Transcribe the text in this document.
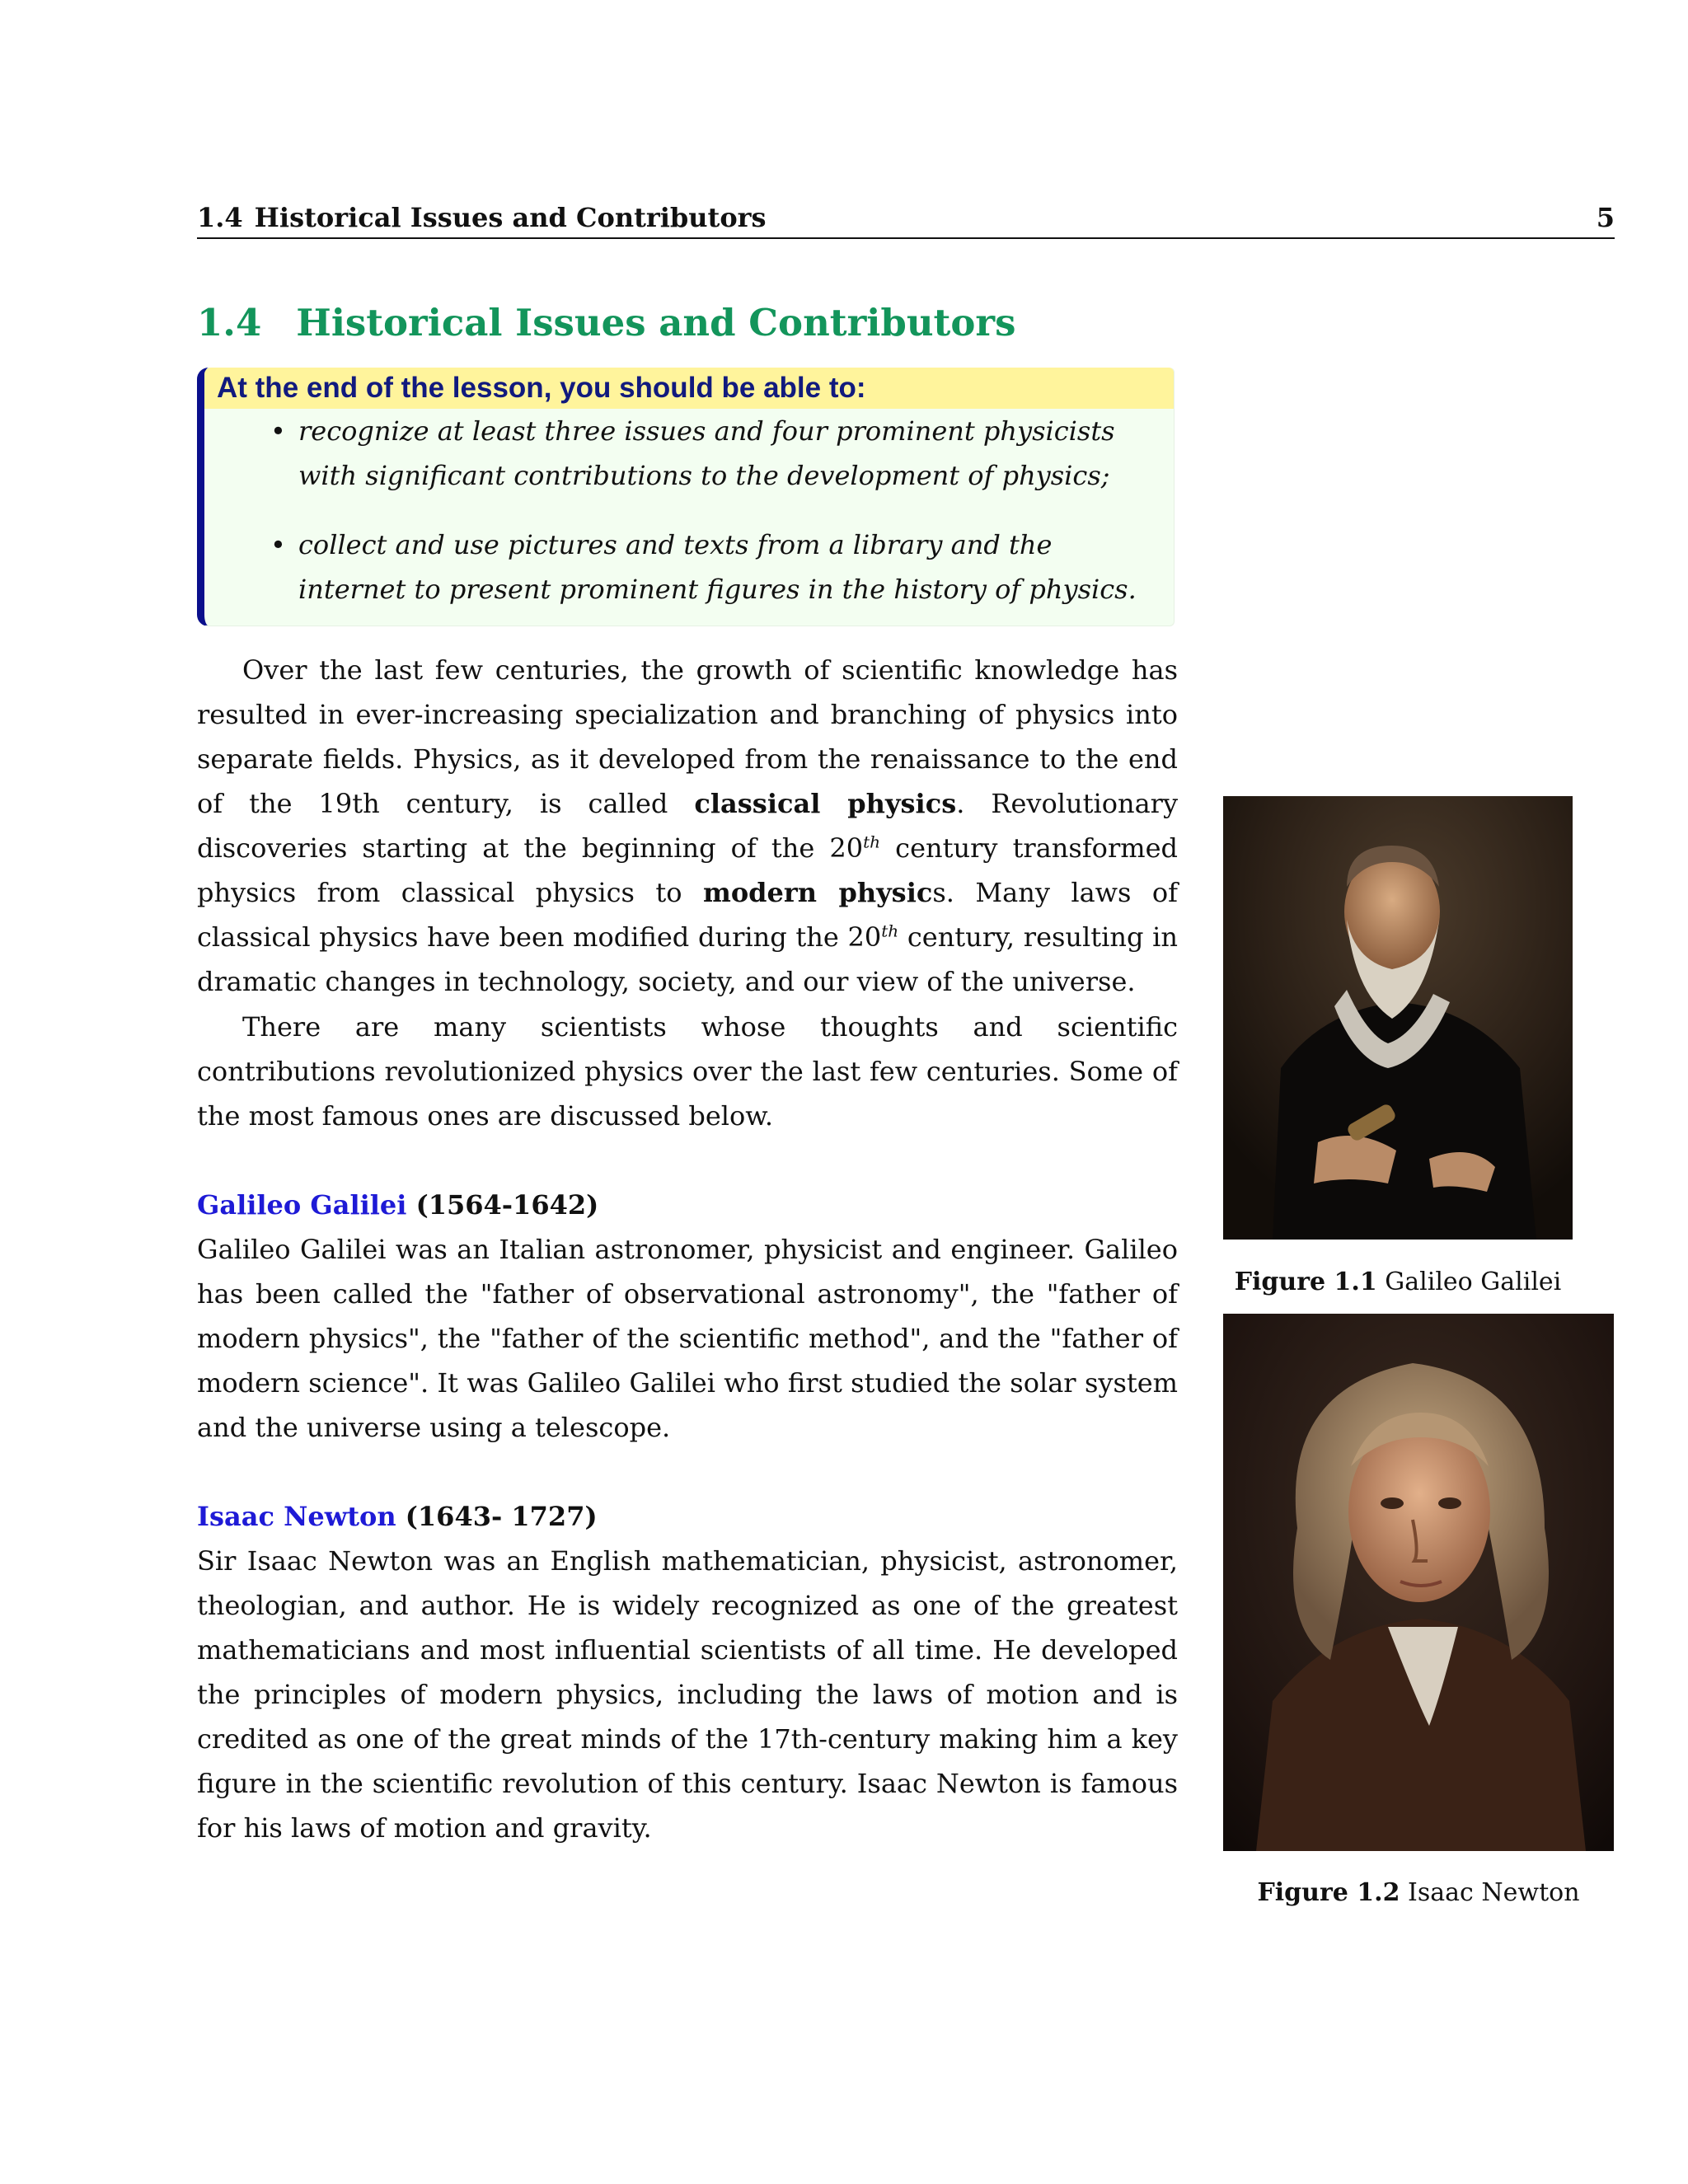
1.4 Historical Issues and Contributors	5
1.4 Historical Issues and Contributors
At the end of the lesson, you should be able to:
• recognize at least three issues and four prominent physicists with significant contributions to the development of physics;
• collect and use pictures and texts from a library and the internet to present prominent figures in the history of physics.

Over the last few centuries, the growth of scientific knowledge has resulted in ever-increasing specialization and branching of physics into separate fields. Physics, as it developed from the renaissance to the end of the 19th century, is called classical physics. Revolutionary discoveries starting at the beginning of the 20th century transformed physics from classical physics to modern physics. Many laws of classical physics have been modified during the 20th century, resulting in dramatic changes in technology, society, and our view of the universe.

There are many scientists whose thoughts and scientific contributions revolutionized physics over the last few centuries. Some of the most famous ones are discussed below.

Galileo Galilei (1564-1642)

Galileo Galilei was an Italian astronomer, physicist and engineer. Galileo has been called the "father of observational astronomy", the "father of modern physics", the "father of the scientific method", and the "father of modern science". It was Galileo Galilei who first studied the solar system and the universe using a telescope.

Isaac Newton (1643- 1727)

Sir Isaac Newton was an English mathematician, physicist, astronomer, theologian, and author. He is widely recognized as one of the greatest mathematicians and most influential scientists of all time. He developed the principles of modern physics, including the laws of motion and is credited as one of the great minds of the 17th-century making him a key figure in the scientific revolution of this century. Isaac Newton is famous for his laws of motion and gravity.

Figure 1.1 Galileo Galilei
Figure 1.2 Isaac Newton
